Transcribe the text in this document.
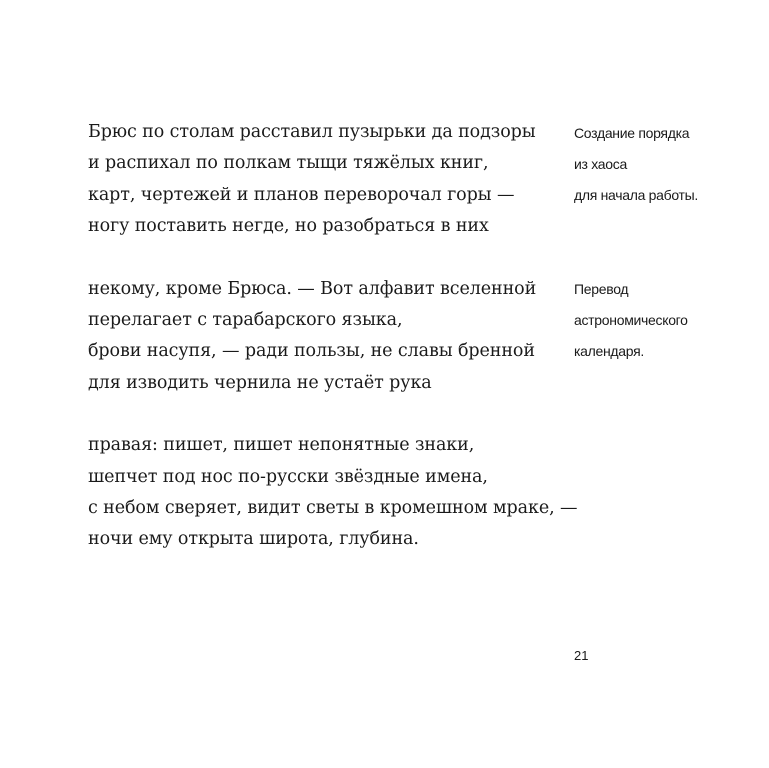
Брюс по столам расставил пузырьки да подзоры
и распихал по полкам тыщи тяжёлых книг,
карт, чертежей и планов переворочал горы —
ногу поставить негде, но разобраться в них
некому, кроме Брюса. — Вот алфавит вселенной
перелагает с тарабарского языка,
брови насупя, — ради пользы, не славы бренной
для изводить чернила не устаёт рука
правая: пишет, пишет непонятные знаки,
шепчет под нос по-русски звёздные имена,
с небом сверяет, видит светы в кромешном мраке, —
ночи ему открыта широта, глубина.
Создание порядка
из хаоса
для начала работы.
Перевод
астрономического
календаря.
21
